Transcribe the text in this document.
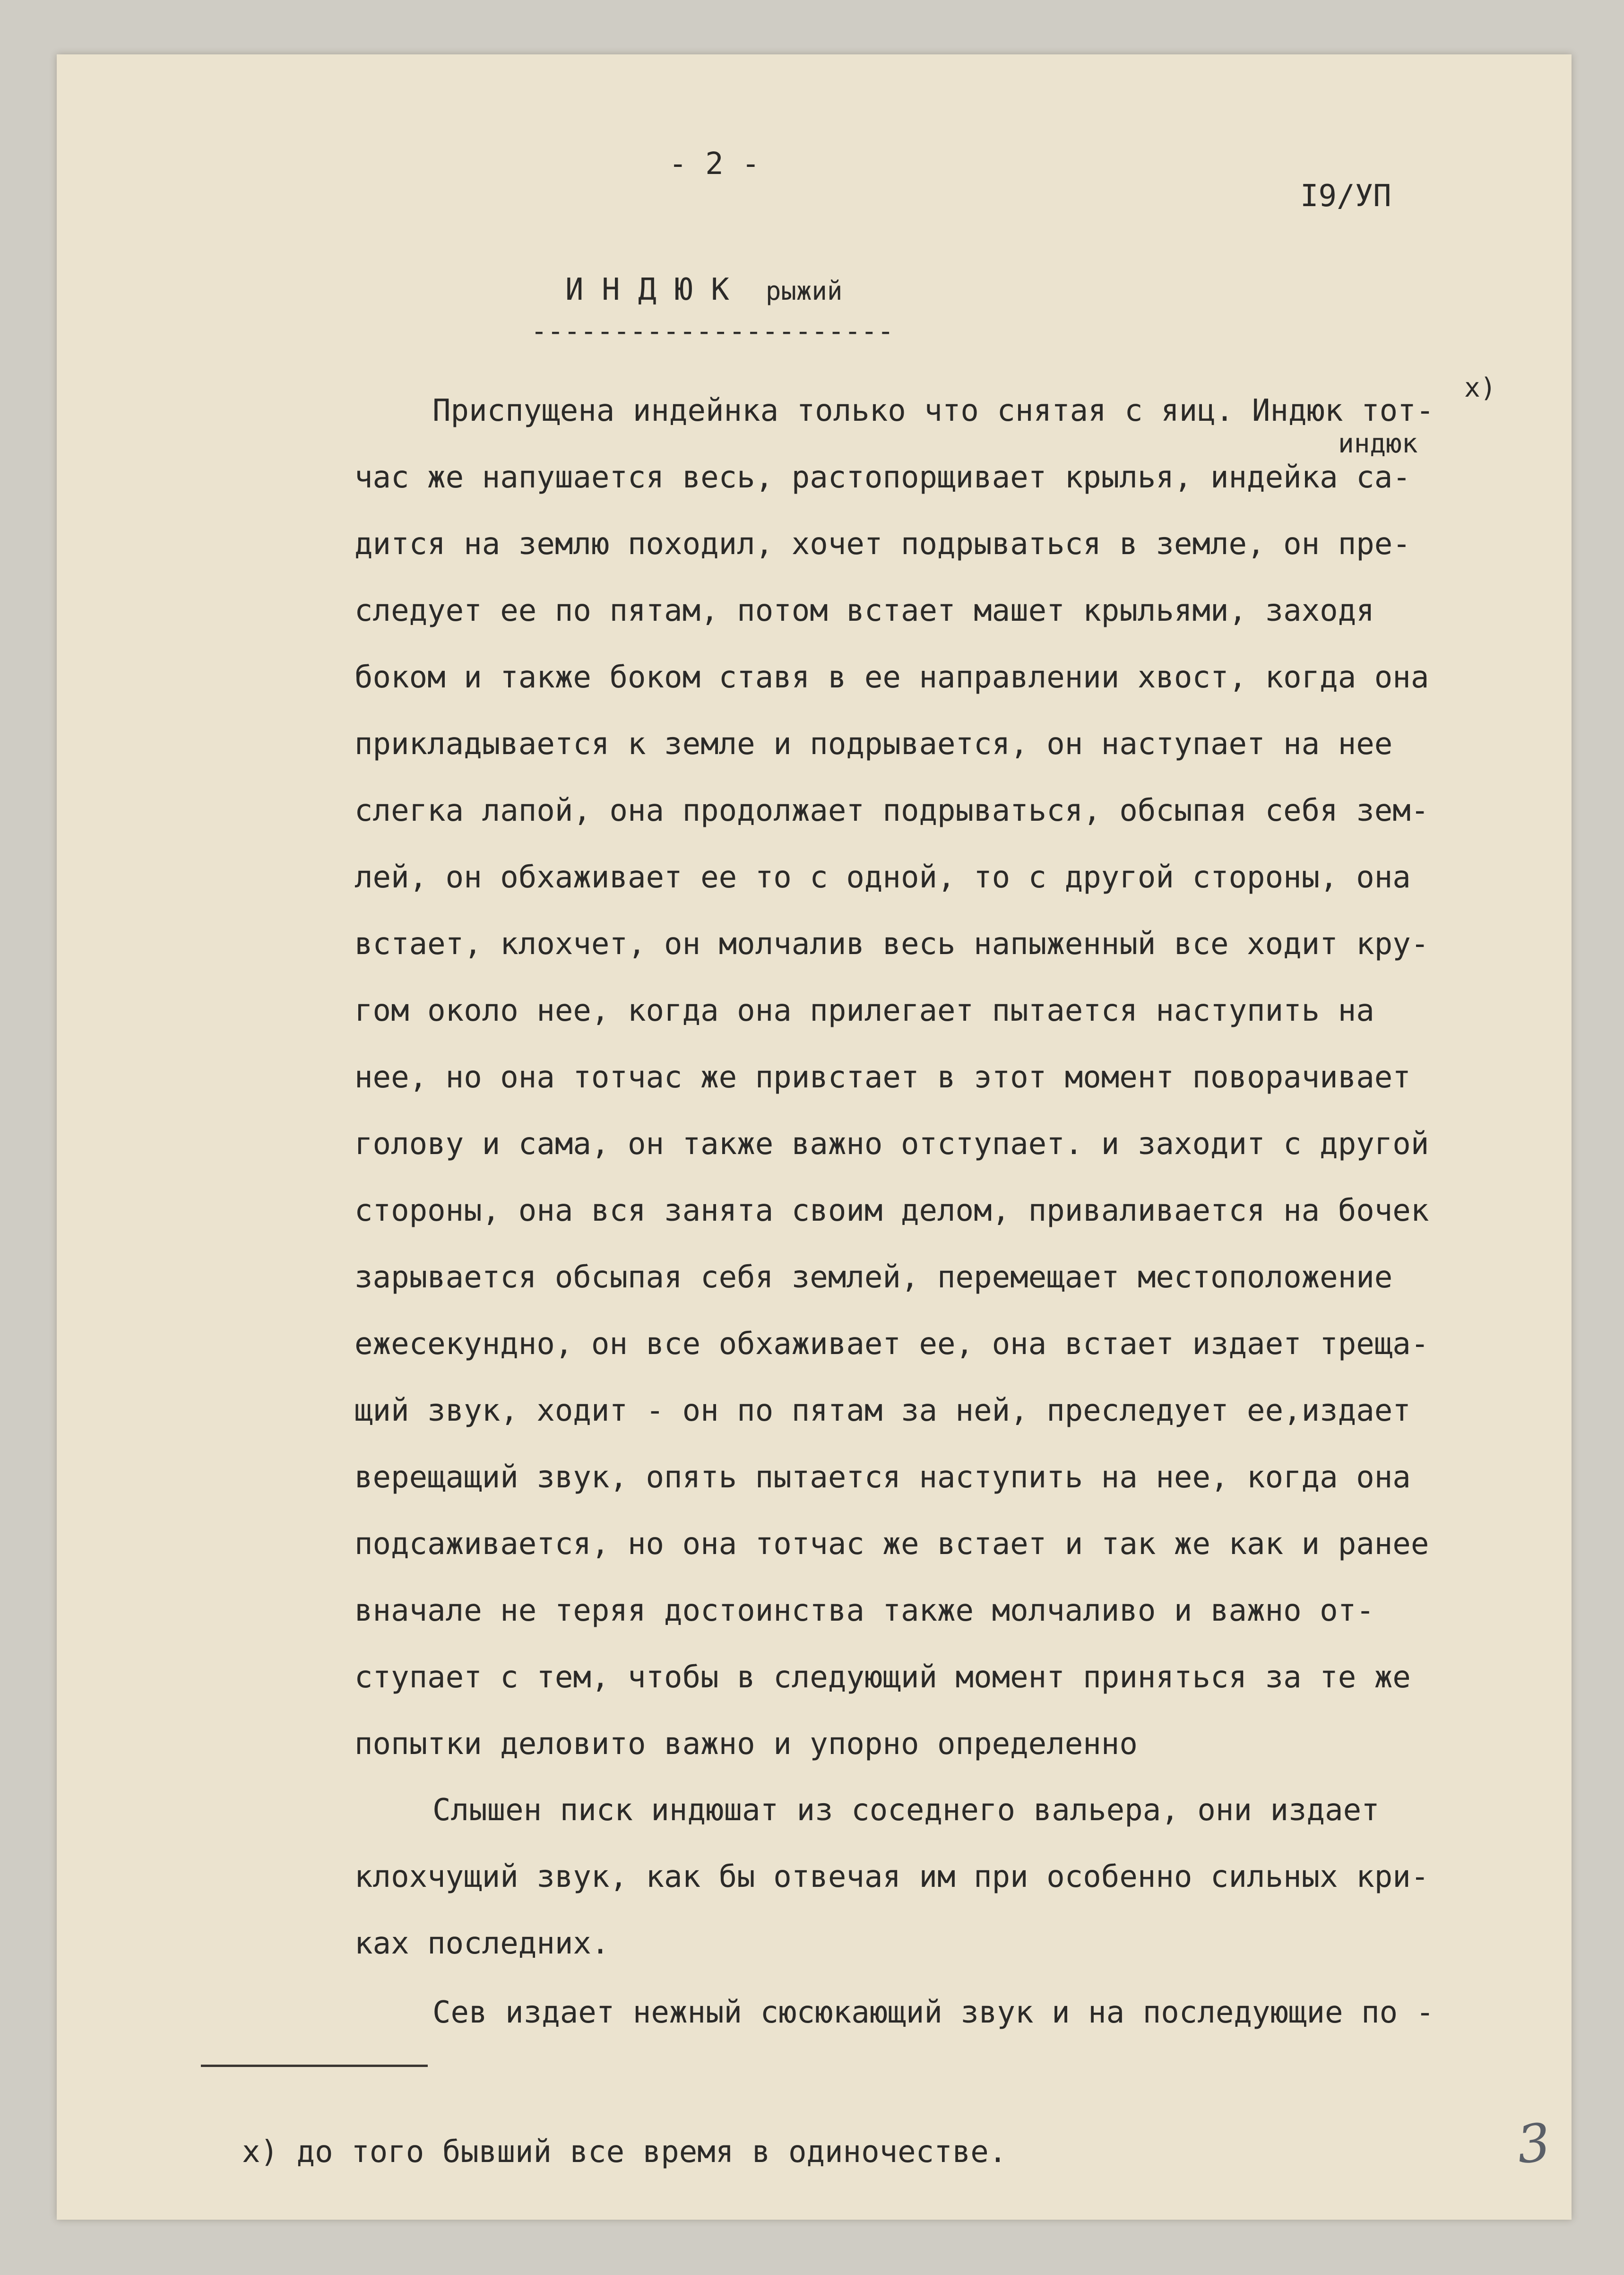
- 2 -
I9/УП
И Н Д Ю К рыжий
----------------------
x)
индюк
Приспущена индейнка только что снятая с яиц. Индюк тот-
час же напушается весь, растопорщивает крылья, индейка са-
дится на землю походил, хочет подрываться в земле, он пре-
следует ее по пятам, потом встает машет крыльями, заходя
боком и также боком ставя в ее направлении хвост, когда она
прикладывается к земле и подрывается, он наступает на нее
слегка лапой, она продолжает подрываться, обсыпая себя зем-
лей, он обхаживает ее то с одной, то с другой стороны, она
встает, клохчет, он молчалив весь напыженный все ходит кру-
гом около нее, когда она прилегает пытается наступить на
нее, но она тотчас же привстает в этот момент поворачивает
голову и сама, он также важно отступает. и заходит с другой
стороны, она вся занята своим делом, приваливается на бочек
зарывается обсыпая себя землей, перемещает местоположение
ежесекундно, он все обхаживает ее, она встает издает треща-
щий звук, ходит - он по пятам за ней, преследует ее,издает
верещащий звук, опять пытается наступить на нее, когда она
подсаживается, но она тотчас же встает и так же как и ранее
вначале не теряя достоинства также молчаливо и важно от-
ступает с тем, чтобы в следующий момент приняться за те же
попытки деловито важно и упорно определенно
Слышен писк индюшат из соседнего вальера, они издает
клохчущий звук, как бы отвечая им при особенно сильных кри-
ках последних.
Сев издает нежный сюсюкающий звук и на последующие по -
x) до того бывший все время в одиночестве.	3
